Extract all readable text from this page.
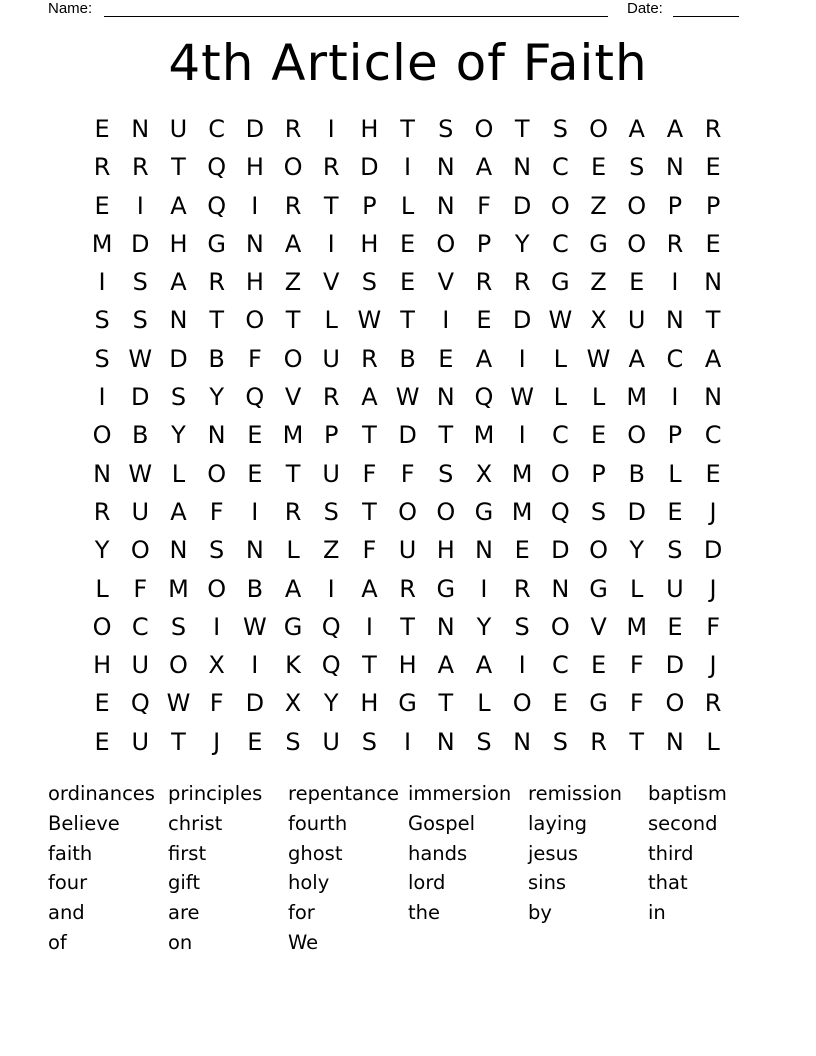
Name:	Date:
4th Article of Faith
E N U C D R	I	H T S O T S O A A R
R R T Q H O R D	I	N A N C E S N E
E	I	A Q	I	R T P	L N F D O Z O P P
M D H G N A	I	H E O P Y C G O R E
I	S A R H Z V S E V R R G Z E	I	N
S S N T O T	L W T	I	E D W X U N T
S W D B F O U R B E A	I	L W A C A
I	D S Y Q V R A W N Q W L	L M	I	N
O B Y N E M P T D T M	I	C E O P C
N W L O E T U F	F S X M O P B L E
R U A F	I	R S T O O G M Q S D E	J
Y O N S N L Z F U H N E D O Y S D
L	F M O B A	I	A R G	I	R N G L U	J
O C S	I W G Q	I	T N Y S O V M E F
H U O X	I	K Q T H A A	I	C E F D	J
E Q W F D X Y H G T	L O E G F O R
E U T	J	E S U S	I	N S N S R T N L
ordinances principles	repentance immersion remission	baptism
Believe	christ	fourth	Gospel	laying	second
faith	first	ghost	hands	jesus	third
four	gift	holy	lord	sins	that
and	are	for	the	by	in
of	on	We
